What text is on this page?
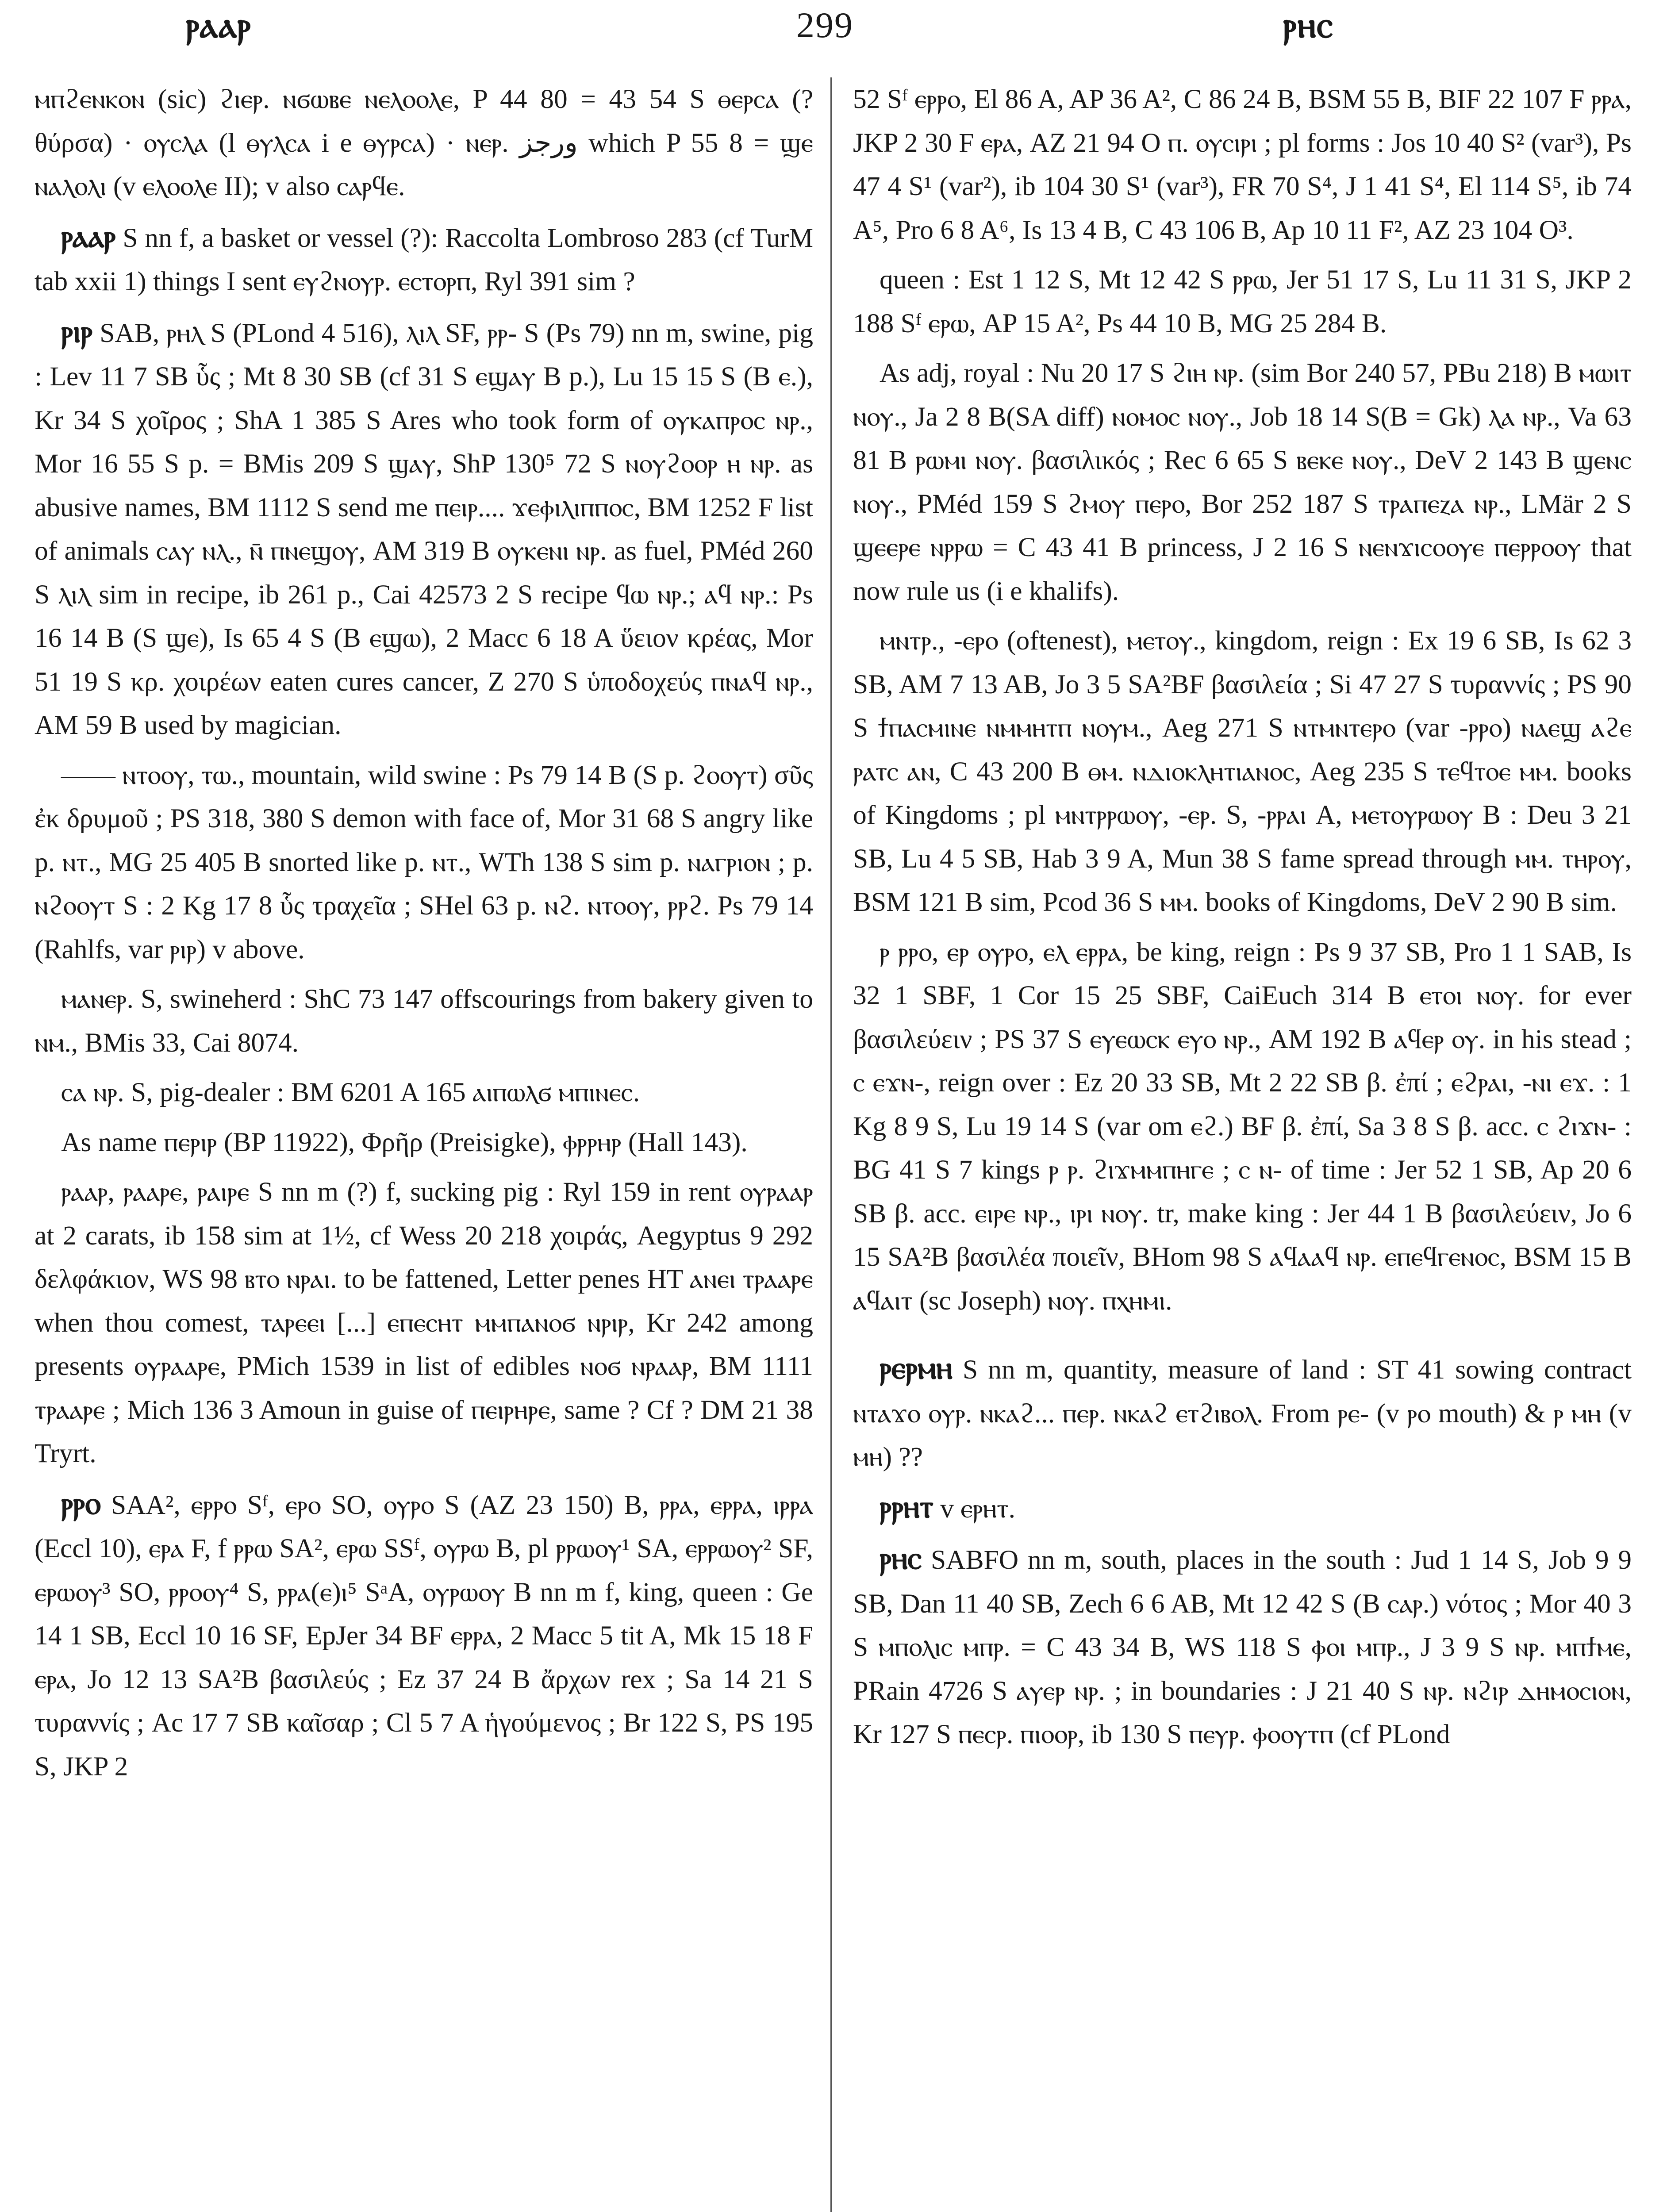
ⲣⲁⲁⲣ	299	ⲣⲏⲥ

ⲙⲡϩⲉⲛⲕⲟⲛ (sic) ϩⲓⲉⲣ. ⲛϭⲱⲃⲉ ⲛⲉⲗⲟⲟⲗⲉ, P 44 80 = 43 54 S ⲑⲉⲣⲥⲁ (? θύρσα) · ⲟⲩⲥⲗⲁ (l ⲑⲩⲗⲥⲁ i e ⲑⲩⲣⲥⲁ) · ⲛⲉⲣ. ورجز which P 55 8 = ϣⲉ ⲛⲁⲗⲟⲗⲓ (v ⲉⲗⲟⲟⲗⲉ II); v also ⲥⲁⲣϥⲉ.

ⲣⲁⲁⲣ S nn f, a basket or vessel (?): Raccolta Lombroso 283 (cf TurM tab xxii 1) things I sent ⲉⲩϩⲛⲟⲩⲣ. ⲉⲥⲧⲟⲣⲡ, Ryl 391 sim ?

ⲣⲓⲣ SAB, ⲣⲏⲗ S (PLond 4 516), ⲗⲓⲗ SF, ⲣⲣ- S (Ps 79) nn m, swine, pig : Lev 11 7 SB ὗς ; Mt 8 30 SB (cf 31 S ⲉϣⲁⲩ B p.), Lu 15 15 S (B ⲉ.), Kr 34 S χοῖρος ; ShA 1 385 S Ares who took form of ⲟⲩⲕⲁⲡⲣⲟⲥ ⲛⲣ., Mor 16 55 S p. = BMis 209 S ϣⲁⲩ, ShP 130⁵ 72 S ⲛⲟⲩϩⲟⲟⲣ ⲏ ⲛⲣ. as abusive names, BM 1112 S send me ⲡⲉⲓⲣ.... ϫⲉⲫⲓⲗⲓⲡⲡⲟⲥ, BM 1252 F list of animals ⲥⲁⲩ ⲛⲗ., ⲛ̄ ⲡⲛⲉϣⲟⲩ, AM 319 B ⲟⲩⲕⲉⲛⲓ ⲛⲣ. as fuel, PMéd 260 S ⲗⲓⲗ sim in recipe, ib 261 p., Cai 42573 2 S recipe ϥⲱ ⲛⲣ.; ⲁϥ ⲛⲣ.: Ps 16 14 B (S ϣⲉ), Is 65 4 S (B ⲉϣⲱ), 2 Macc 6 18 A ὕειον κρέας, Mor 51 19 S κρ. χοιρέων eaten cures cancer, Z 270 S ὑποδοχεύς ⲡⲛⲁϥ ⲛⲣ., AM 59 B used by magician.

—— ⲛⲧⲟⲟⲩ, ⲧⲱ., mountain, wild swine : Ps 79 14 B (S p. ϩⲟⲟⲩⲧ) σῦς ἐκ δρυμοῦ ; PS 318, 380 S demon with face of, Mor 31 68 S angry like p. ⲛⲧ., MG 25 405 B snorted like p. ⲛⲧ., WTh 138 S sim p. ⲛⲁⲅⲣⲓⲟⲛ ; p. ⲛϩⲟⲟⲩⲧ S : 2 Kg 17 8 ὗς τραχεῖα ; SHel 63 p. ⲛϩ. ⲛⲧⲟⲟⲩ, ⲣⲣϩ. Ps 79 14 (Rahlfs, var ⲣⲓⲣ) v above.

ⲙⲁⲛⲉⲣ. S, swineherd : ShC 73 147 offscourings from bakery given to ⲛⲙ., BMis 33, Cai 8074.

ⲥⲁ ⲛⲣ. S, pig-dealer : BM 6201 A 165 ⲁⲓⲡⲱⲗϭ ⲙⲡⲓⲛⲉⲥ.

As name ⲡⲉⲣⲓⲣ (BP 11922), Φρῆρ (Preisigke), ⲫⲣⲣⲏⲣ (Hall 143).

ⲣⲁⲁⲣ, ⲣⲁⲁⲣⲉ, ⲣⲁⲓⲣⲉ S nn m (?) f, sucking pig : Ryl 159 in rent ⲟⲩⲣⲁⲁⲣ at 2 carats, ib 158 sim at 1½, cf Wess 20 218 χοιράς, Aegyptus 9 292 δελφάκιον, WS 98 ⲃⲧⲟ ⲛⲣⲁⲓ. to be fattened, Letter penes HT ⲁⲛⲉⲓ ⲧⲣⲁⲁⲣⲉ when thou comest, ⲧⲁⲣⲉⲉⲓ [...] ⲉⲡⲉⲥⲏⲧ ⲙⲙⲡⲁⲛⲟϭ ⲛⲣⲓⲣ, Kr 242 among presents ⲟⲩⲣⲁⲁⲣⲉ, PMich 1539 in list of edibles ⲛⲟϭ ⲛⲣⲁⲁⲣ, BM 1111 ⲧⲣⲁⲁⲣⲉ ; Mich 136 3 Amoun in guise of ⲡⲉⲓⲣⲏⲣⲉ, same ? Cf ? DM 21 38 Tryrt.

ⲣⲣⲟ SAA², ⲉⲣⲣⲟ Sᶠ, ⲉⲣⲟ SO, ⲟⲩⲣⲟ S (AZ 23 150) B, ⲣⲣⲁ, ⲉⲣⲣⲁ, ⲓⲣⲣⲁ (Eccl 10), ⲉⲣⲁ F, f ⲣⲣⲱ SA², ⲉⲣⲱ SSᶠ, ⲟⲩⲣⲱ B, pl ⲣⲣⲱⲟⲩ¹ SA, ⲉⲣⲣⲱⲟⲩ² SF, ⲉⲣⲱⲟⲩ³ SO, ⲣⲣⲟⲟⲩ⁴ S, ⲣⲣⲁ(ⲉ)ⲓ⁵ SᵃA, ⲟⲩⲣⲱⲟⲩ B nn m f, king, queen : Ge 14 1 SB, Eccl 10 16 SF, EpJer 34 BF ⲉⲣⲣⲁ, 2 Macc 5 tit A, Mk 15 18 F ⲉⲣⲁ, Jo 12 13 SA²B βασιλεύς ; Ez 37 24 B ἄρχων rex ; Sa 14 21 S τυραννίς ; Ac 17 7 SB καῖσαρ ; Cl 5 7 A ἡγούμενος ; Br 122 S, PS 195 S, JKP 2

52 Sᶠ ⲉⲣⲣⲟ, El 86 A, AP 36 A², C 86 24 B, BSM 55 B, BIF 22 107 F ⲣⲣⲁ, JKP 2 30 F ⲉⲣⲁ, AZ 21 94 O ⲡ. ⲟⲩⲥⲓⲣⲓ ; pl forms : Jos 10 40 S² (var³), Ps 47 4 S¹ (var²), ib 104 30 S¹ (var³), FR 70 S⁴, J 1 41 S⁴, El 114 S⁵, ib 74 A⁵, Pro 6 8 A⁶, Is 13 4 B, C 43 106 B, Ap 10 11 F², AZ 23 104 O³.

queen : Est 1 12 S, Mt 12 42 S ⲣⲣⲱ, Jer 51 17 S, Lu 11 31 S, JKP 2 188 Sᶠ ⲉⲣⲱ, AP 15 A², Ps 44 10 B, MG 25 284 B.

As adj, royal : Nu 20 17 S ϩⲓⲏ ⲛⲣ. (sim Bor 240 57, PBu 218) B ⲙⲱⲓⲧ ⲛⲟⲩ., Ja 2 8 B(SA diff) ⲛⲟⲙⲟⲥ ⲛⲟⲩ., Job 18 14 S(B = Gk) ⲗⲁ ⲛⲣ., Va 63 81 B ⲣⲱⲙⲓ ⲛⲟⲩ. βασιλικός ; Rec 6 65 S ⲃⲉⲕⲉ ⲛⲟⲩ., DeV 2 143 B ϣⲉⲛⲥ ⲛⲟⲩ., PMéd 159 S ϩⲙⲟⲩ ⲡⲉⲣⲟ, Bor 252 187 S ⲧⲣⲁⲡⲉⲍⲁ ⲛⲣ., LMär 2 S ϣⲉⲉⲣⲉ ⲛⲣⲣⲱ = C 43 41 B princess, J 2 16 S ⲛⲉⲛϫⲓⲥⲟⲟⲩⲉ ⲡⲉⲣⲣⲟⲟⲩ that now rule us (i e khalifs).

ⲙⲛⲧⲣ., -ⲉⲣⲟ (oftenest), ⲙⲉⲧⲟⲩ., kingdom, reign : Ex 19 6 SB, Is 62 3 SB, AM 7 13 AB, Jo 3 5 SA²BF βασιλεία ; Si 47 27 S τυραννίς ; PS 90 S ϯⲡⲁⲥⲙⲓⲛⲉ ⲛⲙⲙⲏⲧⲡ ⲛⲟⲩⲙ., Aeg 271 S ⲛⲧⲙⲛⲧⲉⲣⲟ (var -ⲣⲣⲟ) ⲛⲁⲉϣ ⲁϩⲉ ⲣⲁⲧⲥ ⲁⲛ, C 43 200 B ⲑⲙ. ⲛⲇⲓⲟⲕⲗⲏⲧⲓⲁⲛⲟⲥ, Aeg 235 S ⲧⲉϥⲧⲟⲉ ⲙⲙ. books of Kingdoms ; pl ⲙⲛⲧⲣⲣⲱⲟⲩ, -ⲉⲣ. S, -ⲣⲣⲁⲓ A, ⲙⲉⲧⲟⲩⲣⲱⲟⲩ B : Deu 3 21 SB, Lu 4 5 SB, Hab 3 9 A, Mun 38 S fame spread through ⲙⲙ. ⲧⲏⲣⲟⲩ, BSM 121 B sim, Pcod 36 S ⲙⲙ. books of Kingdoms, DeV 2 90 B sim.

ⲣ ⲣⲣⲟ, ⲉⲣ ⲟⲩⲣⲟ, ⲉⲗ ⲉⲣⲣⲁ, be king, reign : Ps 9 37 SB, Pro 1 1 SAB, Is 32 1 SBF, 1 Cor 15 25 SBF, CaiEuch 314 B ⲉⲧⲟⲓ ⲛⲟⲩ. for ever βασιλεύειν ; PS 37 S ⲉⲩⲉⲱⲥⲕ ⲉⲩⲟ ⲛⲣ., AM 192 B ⲁϥⲉⲣ ⲟⲩ. in his stead ; ⲥ ⲉϫⲛ-, reign over : Ez 20 33 SB, Mt 2 22 SB β. ἐπί ; ⲉϩⲣⲁⲓ, -ⲛⲓ ⲉϫ. : 1 Kg 8 9 S, Lu 19 14 S (var om ⲉϩ.) BF β. ἐπί, Sa 3 8 S β. acc. ⲥ ϩⲓϫⲛ- : BG 41 S 7 kings ⲣ ⲣ. ϩⲓϫⲙⲙⲡⲏⲅⲉ ; ⲥ ⲛ- of time : Jer 52 1 SB, Ap 20 6 SB β. acc. ⲉⲓⲣⲉ ⲛⲣ., ⲓⲣⲓ ⲛⲟⲩ. tr, make king : Jer 44 1 B βασιλεύειν, Jo 6 15 SA²B βασιλέα ποιεῖν, BHom 98 S ⲁϥⲁⲁϥ ⲛⲣ. ⲉⲡⲉϥⲅⲉⲛⲟⲥ, BSM 15 B ⲁϥⲁⲓⲧ (sc Joseph) ⲛⲟⲩ. ⲡⲭⲏⲙⲓ.

ⲣⲉⲣⲙⲏ S nn m, quantity, measure of land : ST 41 sowing contract ⲛⲧⲁϫⲟ ⲟⲩⲣ. ⲛⲕⲁϩ... ⲡⲉⲣ. ⲛⲕⲁϩ ⲉⲧϩⲓⲃⲟⲗ. From ⲣⲉ- (v ⲣⲟ mouth) & ⲣ ⲙⲏ (v ⲙⲏ) ??

ⲣⲣⲏⲧ v ⲉⲣⲏⲧ.

ⲣⲏⲥ SABFO nn m, south, places in the south : Jud 1 14 S, Job 9 9 SB, Dan 11 40 SB, Zech 6 6 AB, Mt 12 42 S (B ⲥⲁⲣ.) νότος ; Mor 40 3 S ⲙⲡⲟⲗⲓⲥ ⲙⲡⲣ. = C 43 34 B, WS 118 S ⲫⲟⲓ ⲙⲡⲣ., J 3 9 S ⲛⲣ. ⲙⲡϯⲙⲉ, PRain 4726 S ⲁⲩⲉⲣ ⲛⲣ. ; in boundaries : J 21 40 S ⲛⲣ. ⲛϩⲓⲣ ⲇⲏⲙⲟⲥⲓⲟⲛ, Kr 127 S ⲡⲉⲥⲣ. ⲡⲓⲟⲟⲣ, ib 130 S ⲡⲉⲩⲣ. ⲫⲟⲟⲩⲧⲡ (cf PLond
